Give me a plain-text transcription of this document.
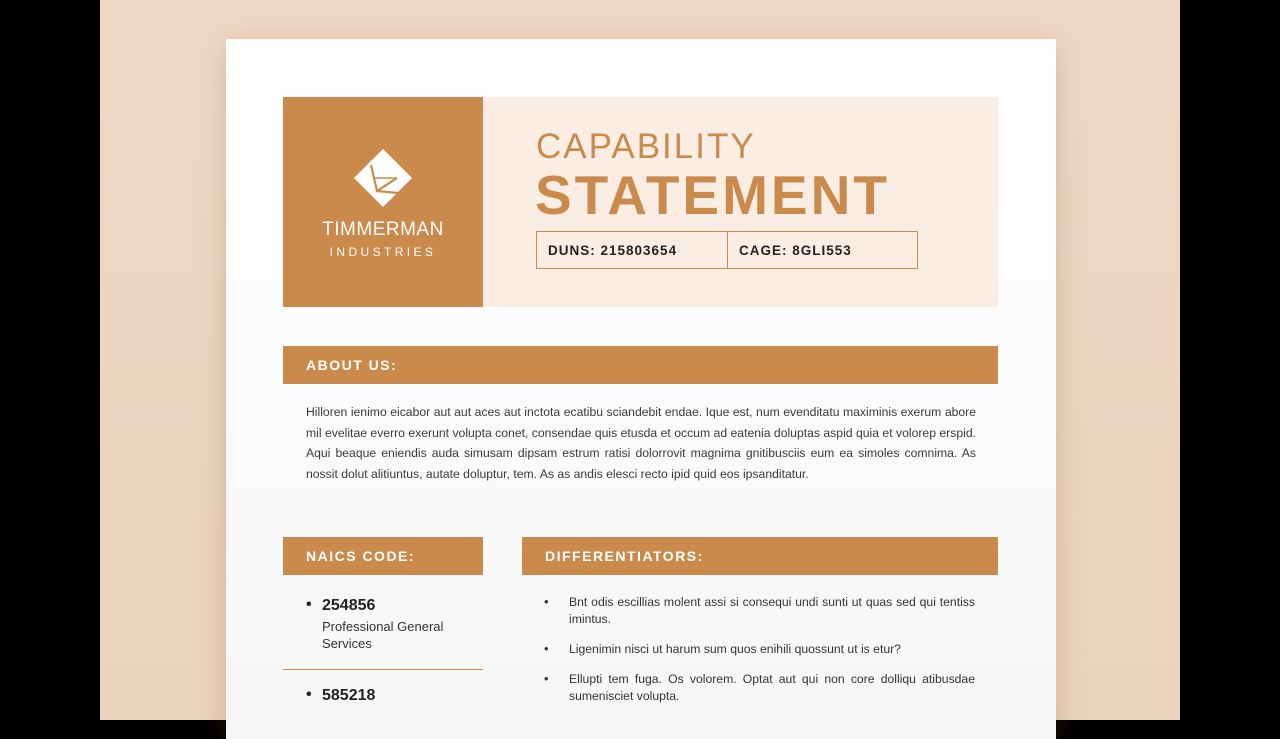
TIMMERMAN
INDUSTRIES
CAPABILITY
STATEMENT
DUNS: 215803654	CAGE: 8GLI553
ABOUT US:

Hilloren ienimo eicabor aut aut aces aut inctota ecatibu sciandebit endae. Ique est, num evenditatu maximinis exerum abore mil evelitae everro exerunt volupta conet, consendae quis etusda et occum ad eatenia doluptas aspid quia et volorep erspid. Aqui beaque eniendis auda simusam dipsam estrum ratisi dolorrovit magnima gnitibusciis eum ea simoles comnima. As nossit dolut alitiuntus, autate doluptur, tem. As as andis elesci recto ipid quid eos ipsanditatur.

NAICS CODE:
• 254856
Professional General Services
• 585218
DIFFERENTIATORS:
• Bnt odis escillias molent assi si consequi undi sunti ut quas sed qui tentiss imintus.
• Ligenimin nisci ut harum sum quos enihili quossunt ut is etur?
• Ellupti tem fuga. Os volorem. Optat aut qui non core dolliqu atibusdae sumenisciet volupta.
